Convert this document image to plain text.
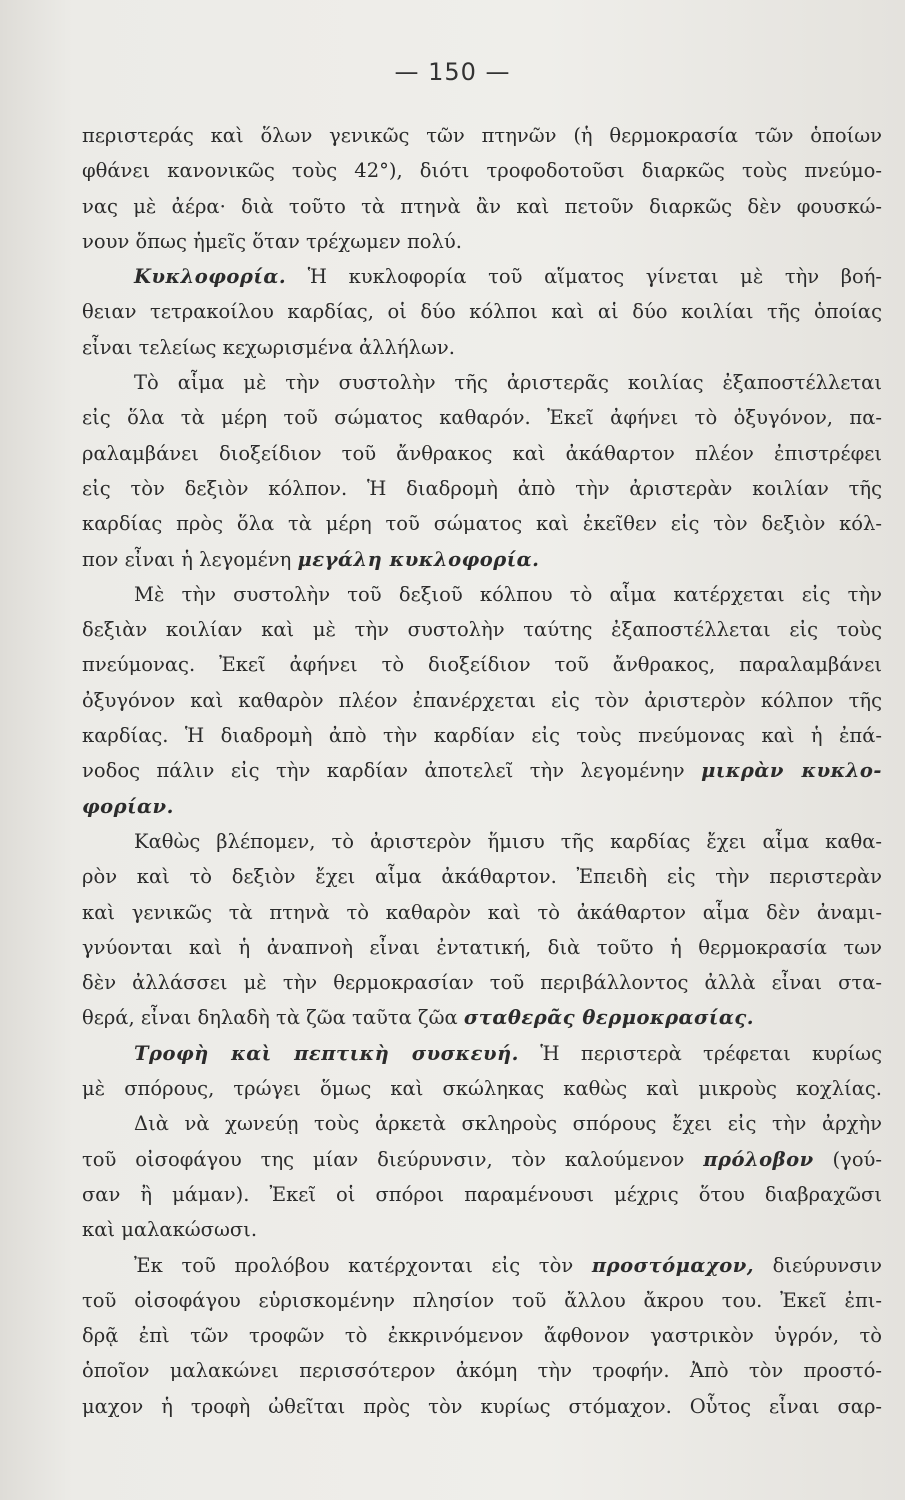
— 150 —
περιστεράς καὶ ὅλων γενικῶς τῶν πτηνῶν (ἡ θερμοκρασία τῶν ὁποίων
φθάνει κανονικῶς τοὺς 42°), διότι τροφοδοτοῦσι διαρκῶς τοὺς πνεύμο-
νας μὲ ἀέρα· διὰ τοῦτο τὰ πτηνὰ ἂν καὶ πετοῦν διαρκῶς δὲν φουσκώ-
νουν ὅπως ἡμεῖς ὅταν τρέχωμεν πολύ.
Κυκλοφορία. Ἡ κυκλοφορία τοῦ αἵματος γίνεται μὲ τὴν βοή-
θειαν τετρακοίλου καρδίας, οἱ δύο κόλποι καὶ αἱ δύο κοιλίαι τῆς ὁποίας
εἶναι τελείως κεχωρισμένα ἀλλήλων.
Τὸ αἷμα μὲ τὴν συστολὴν τῆς ἀριστερᾶς κοιλίας ἐξαποστέλλεται
εἰς ὅλα τὰ μέρη τοῦ σώματος καθαρόν. Ἐκεῖ ἀφήνει τὸ ὀξυγόνον, πα-
ραλαμβάνει διοξείδιον τοῦ ἄνθρακος καὶ ἀκάθαρτον πλέον ἐπιστρέφει
εἰς τὸν δεξιὸν κόλπον. Ἡ διαδρομὴ ἀπὸ τὴν ἀριστερὰν κοιλίαν τῆς
καρδίας πρὸς ὅλα τὰ μέρη τοῦ σώματος καὶ ἐκεῖθεν εἰς τὸν δεξιὸν κόλ-
πον εἶναι ἡ λεγομένη μεγάλη κυκλοφορία.
Μὲ τὴν συστολὴν τοῦ δεξιοῦ κόλπου τὸ αἷμα κατέρχεται εἰς τὴν
δεξιὰν κοιλίαν καὶ μὲ τὴν συστολὴν ταύτης ἐξαποστέλλεται εἰς τοὺς
πνεύμονας. Ἐκεῖ ἀφήνει τὸ διοξείδιον τοῦ ἄνθρακος, παραλαμβάνει
ὀξυγόνον καὶ καθαρὸν πλέον ἐπανέρχεται εἰς τὸν ἀριστερὸν κόλπον τῆς
καρδίας. Ἡ διαδρομὴ ἀπὸ τὴν καρδίαν εἰς τοὺς πνεύμονας καὶ ἡ ἐπά-
νοδος πάλιν εἰς τὴν καρδίαν ἀποτελεῖ τὴν λεγομένην μικρὰν κυκλο-
φορίαν.
Καθὼς βλέπομεν, τὸ ἀριστερὸν ἥμισυ τῆς καρδίας ἔχει αἷμα καθα-
ρὸν καὶ τὸ δεξιὸν ἔχει αἷμα ἀκάθαρτον. Ἐπειδὴ εἰς τὴν περιστερὰν
καὶ γενικῶς τὰ πτηνὰ τὸ καθαρὸν καὶ τὸ ἀκάθαρτον αἷμα δὲν ἀναμι-
γνύονται καὶ ἡ ἀναπνοὴ εἶναι ἐντατική, διὰ τοῦτο ἡ θερμοκρασία των
δὲν ἀλλάσσει μὲ τὴν θερμοκρασίαν τοῦ περιβάλλοντος ἀλλὰ εἶναι στα-
θερά, εἶναι δηλαδὴ τὰ ζῶα ταῦτα ζῶα σταθερᾶς θερμοκρασίας.
Τροφὴ καὶ πεπτικὴ συσκευή. Ἡ περιστερὰ τρέφεται κυρίως
μὲ σπόρους, τρώγει ὅμως καὶ σκώληκας καθὼς καὶ μικροὺς κοχλίας.
Διὰ νὰ χωνεύῃ τοὺς ἀρκετὰ σκληροὺς σπόρους ἔχει εἰς τὴν ἀρχὴν
τοῦ οἰσοφάγου της μίαν διεύρυνσιν, τὸν καλούμενον πρόλοβον (γού-
σαν ἢ μάμαν). Ἐκεῖ οἱ σπόροι παραμένουσι μέχρις ὅτου διαβραχῶσι
καὶ μαλακώσωσι.
Ἐκ τοῦ προλόβου κατέρχονται εἰς τὸν προστόμαχον, διεύρυνσιν
τοῦ οἰσοφάγου εὑρισκομένην πλησίον τοῦ ἄλλου ἄκρου του. Ἐκεῖ ἐπι-
δρᾷ ἐπὶ τῶν τροφῶν τὸ ἐκκρινόμενον ἄφθονον γαστρικὸν ὑγρόν, τὸ
ὁποῖον μαλακώνει περισσότερον ἀκόμη τὴν τροφήν. Ἀπὸ τὸν προστό-
μαχον ἡ τροφὴ ὠθεῖται πρὸς τὸν κυρίως στόμαχον. Οὗτος εἶναι σαρ-
